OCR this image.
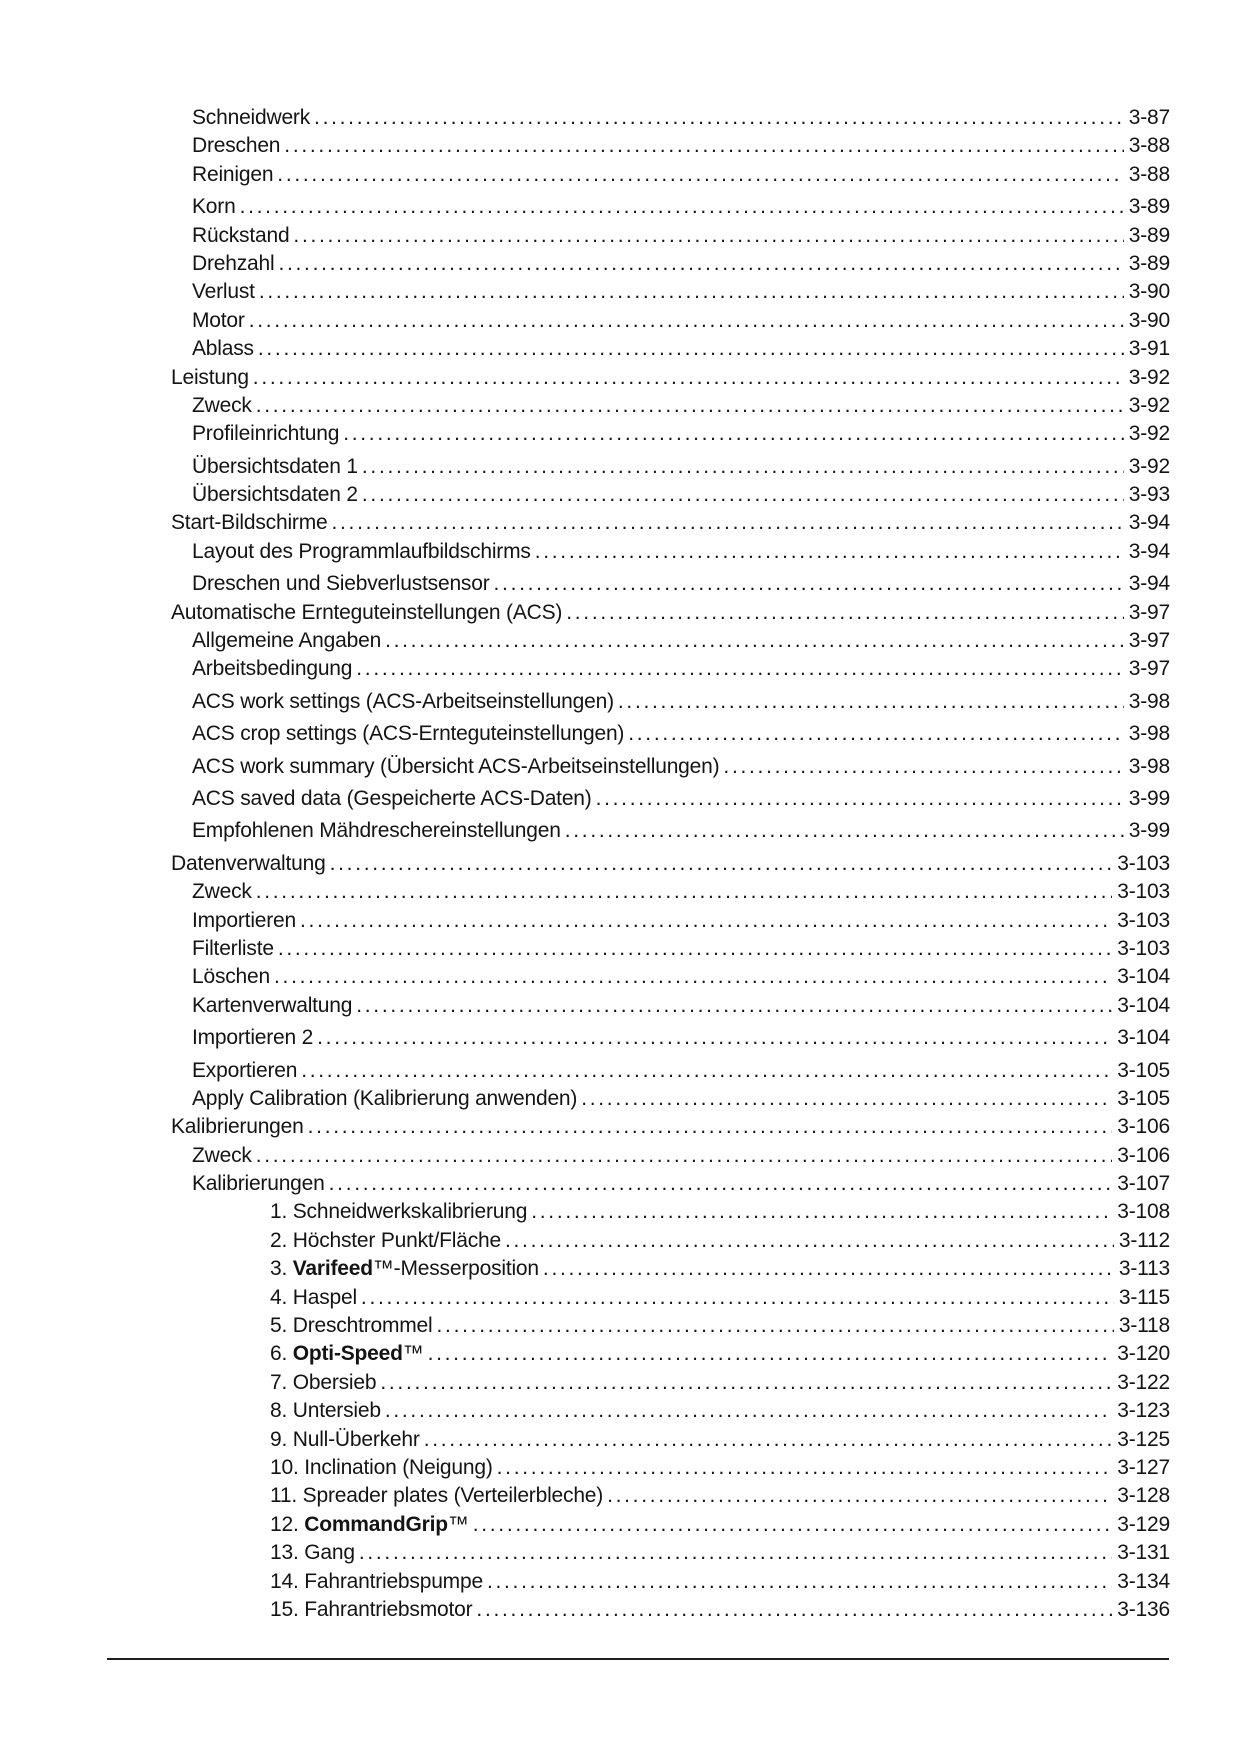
Schneidwerk .....	3-87
Dreschen .....	3-88
Reinigen .....	3-88
Korn .....	3-89
Rückstand .....	3-89
Drehzahl .....	3-89
Verlust .....	3-90
Motor .....	3-90
Ablass .....	3-91
Leistung .....	3-92
Zweck .....	3-92
Profileinrichtung .....	3-92
Übersichtsdaten 1 .....	3-92
Übersichtsdaten 2 .....	3-93
Start-Bildschirme .....	3-94
Layout des Programmlaufbildschirms .....	3-94
Dreschen und Siebverlustsensor .....	3-94
Automatische Ernteguteinstellungen (ACS) .....	3-97
Allgemeine Angaben .....	3-97
Arbeitsbedingung .....	3-97
ACS work settings (ACS-Arbeitseinstellungen) .....	3-98
ACS crop settings (ACS-Ernteguteinstellungen) .....	3-98
ACS work summary (Übersicht ACS-Arbeitseinstellungen) .....	3-98
ACS saved data (Gespeicherte ACS-Daten) .....	3-99
Empfohlenen Mähdreschereinstellungen .....	3-99
Datenverwaltung .....	3-103
Zweck .....	3-103
Importieren .....	3-103
Filterliste .....	3-103
Löschen .....	3-104
Kartenverwaltung .....	3-104
Importieren 2 .....	3-104
Exportieren .....	3-105
Apply Calibration (Kalibrierung anwenden) .....	3-105
Kalibrierungen .....	3-106
Zweck .....	3-106
Kalibrierungen .....	3-107
1. Schneidwerkskalibrierung .....	3-108
2. Höchster Punkt/Fläche .....	3-112
3. Varifeed™-Messerposition .....	3-113
4. Haspel .....	3-115
5. Dreschtrommel .....	3-118
6. Opti-Speed™ .....	3-120
7. Obersieb .....	3-122
8. Untersieb .....	3-123
9. Null-Überkehr .....	3-125
10. Inclination (Neigung) .....	3-127
11. Spreader plates (Verteilerbleche) .....	3-128
12. CommandGrip™ .....	3-129
13. Gang .....	3-131
14. Fahrantriebspumpe .....	3-134
15. Fahrantriebsmotor .....	3-136
